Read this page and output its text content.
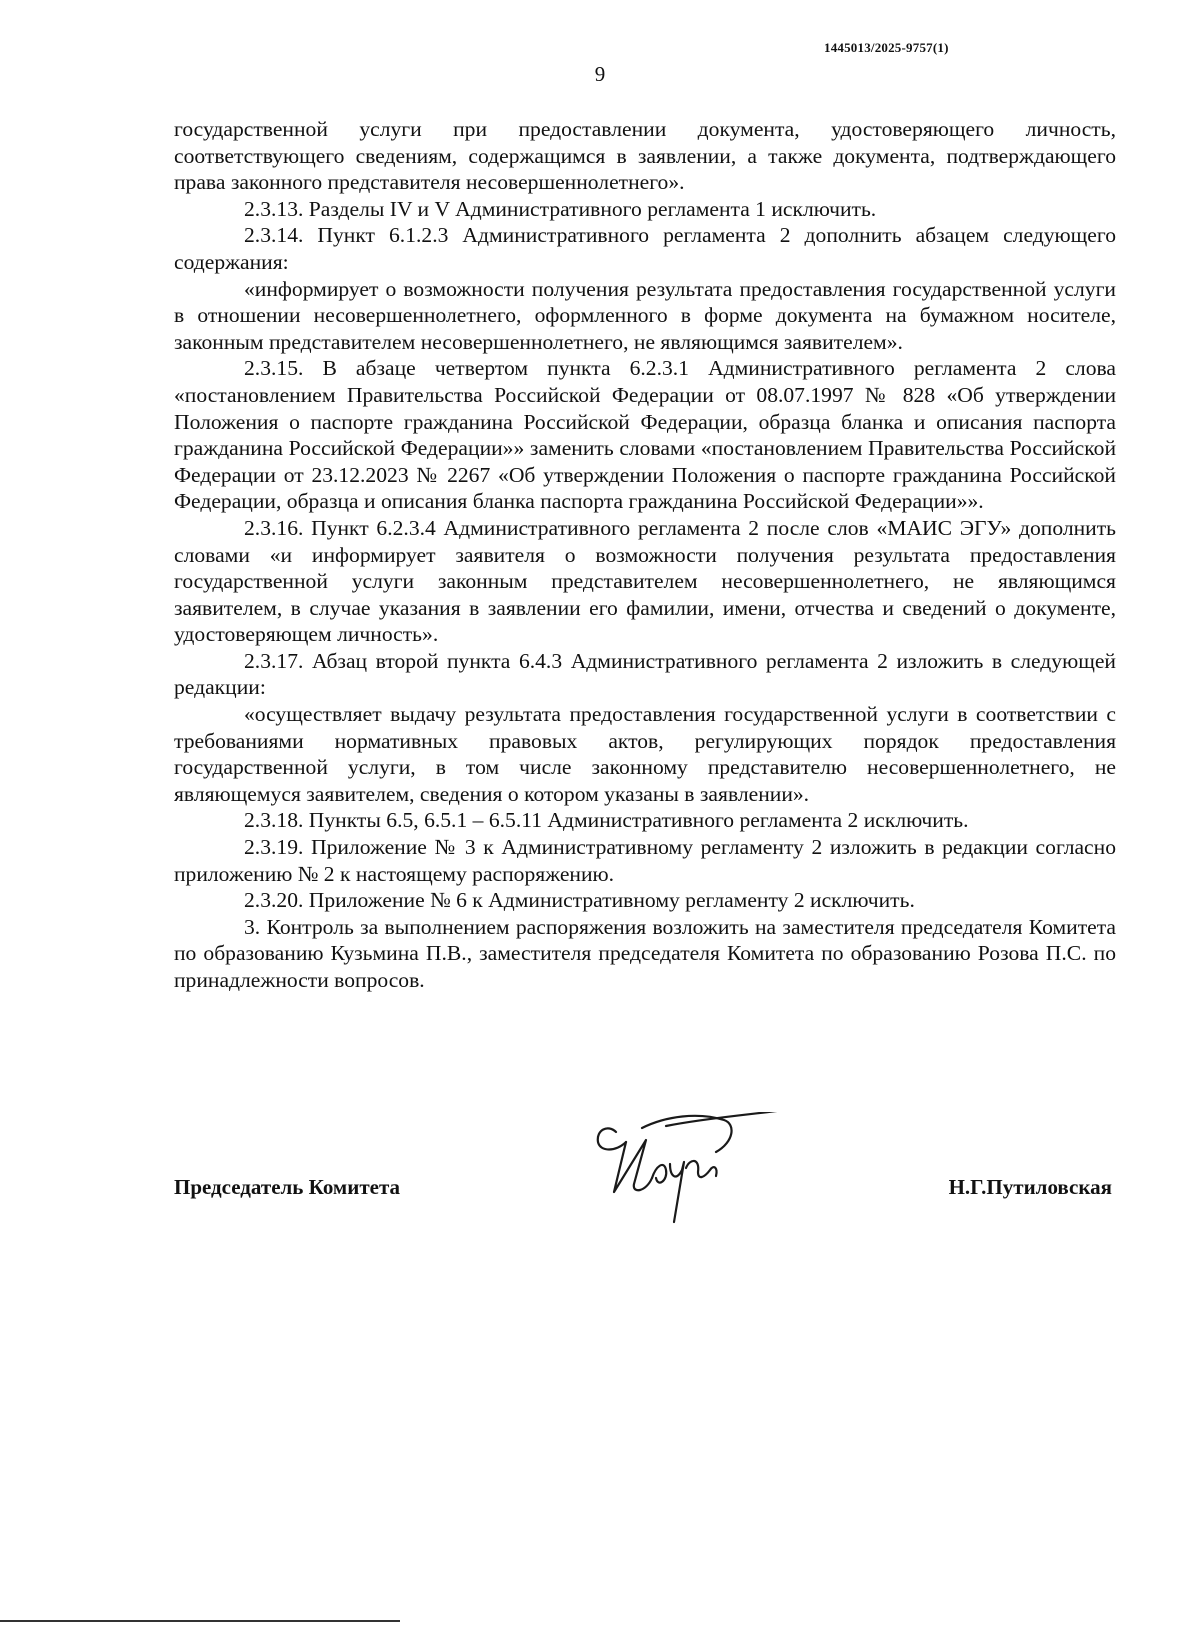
1445013/2025-9757(1)
9

государственной услуги при предоставлении документа, удостоверяющего личность, соответствующего сведениям, содержащимся в заявлении, а также документа, подтверждающего права законного представителя несовершеннолетнего».

2.3.13. Разделы IV и V Административного регламента 1 исключить.

2.3.14. Пункт 6.1.2.3 Административного регламента 2 дополнить абзацем следующего содержания:

«информирует о возможности получения результата предоставления государственной услуги в отношении несовершеннолетнего, оформленного в форме документа на бумажном носителе, законным представителем несовершеннолетнего, не являющимся заявителем».

2.3.15. В абзаце четвертом пункта 6.2.3.1 Административного регламента 2 слова «постановлением Правительства Российской Федерации от 08.07.1997 № 828 «Об утверждении Положения о паспорте гражданина Российской Федерации, образца бланка и описания паспорта гражданина Российской Федерации»» заменить словами «постановлением Правительства Российской Федерации от 23.12.2023 № 2267 «Об утверждении Положения о паспорте гражданина Российской Федерации, образца и описания бланка паспорта гражданина Российской Федерации»».

2.3.16. Пункт 6.2.3.4 Административного регламента 2 после слов «МАИС ЭГУ» дополнить словами «и информирует заявителя о возможности получения результата предоставления государственной услуги законным представителем несовершеннолетнего, не являющимся заявителем, в случае указания в заявлении его фамилии, имени, отчества и сведений о документе, удостоверяющем личность».

2.3.17. Абзац второй пункта 6.4.3 Административного регламента 2 изложить в следующей редакции:

«осуществляет выдачу результата предоставления государственной услуги в соответствии с требованиями нормативных правовых актов, регулирующих порядок предоставления государственной услуги, в том числе законному представителю несовершеннолетнего, не являющемуся заявителем, сведения о котором указаны в заявлении».

2.3.18. Пункты 6.5, 6.5.1 – 6.5.11 Административного регламента 2 исключить.

2.3.19. Приложение № 3 к Административному регламенту 2 изложить в редакции согласно приложению № 2 к настоящему распоряжению.

2.3.20. Приложение № 6 к Административному регламенту 2 исключить.

3. Контроль за выполнением распоряжения возложить на заместителя председателя Комитета по образованию Кузьмина П.В., заместителя председателя Комитета по образованию Розова П.С. по принадлежности вопросов.

Председатель Комитета	Н.Г.Путиловская
